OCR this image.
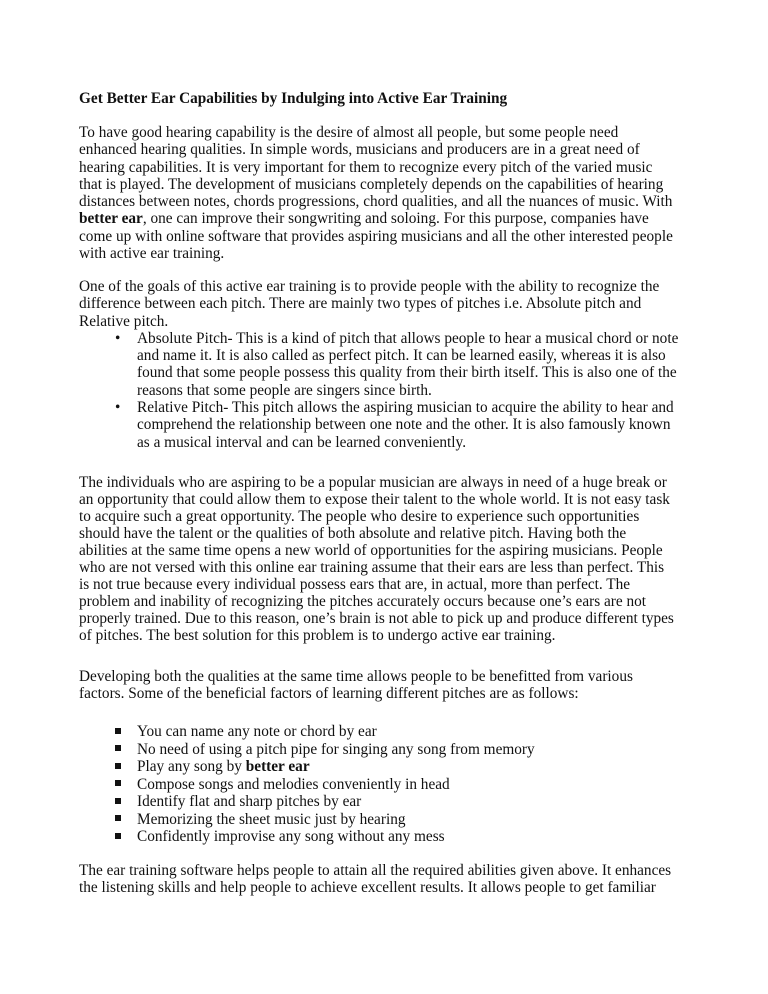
Get Better Ear Capabilities by Indulging into Active Ear Training
To have good hearing capability is the desire of almost all people, but some people need
enhanced hearing qualities. In simple words, musicians and producers are in a great need of
hearing capabilities. It is very important for them to recognize every pitch of the varied music
that is played. The development of musicians completely depends on the capabilities of hearing
distances between notes, chords progressions, chord qualities, and all the nuances of music. With
better ear, one can improve their songwriting and soloing. For this purpose, companies have
come up with online software that provides aspiring musicians and all the other interested people
with active ear training.
One of the goals of this active ear training is to provide people with the ability to recognize the
difference between each pitch. There are mainly two types of pitches i.e. Absolute pitch and
Relative pitch.
• Absolute Pitch- This is a kind of pitch that allows people to hear a musical chord or note
and name it. It is also called as perfect pitch. It can be learned easily, whereas it is also
found that some people possess this quality from their birth itself. This is also one of the
reasons that some people are singers since birth.
• Relative Pitch- This pitch allows the aspiring musician to acquire the ability to hear and
comprehend the relationship between one note and the other. It is also famously known
as a musical interval and can be learned conveniently.
The individuals who are aspiring to be a popular musician are always in need of a huge break or
an opportunity that could allow them to expose their talent to the whole world. It is not easy task
to acquire such a great opportunity. The people who desire to experience such opportunities
should have the talent or the qualities of both absolute and relative pitch. Having both the
abilities at the same time opens a new world of opportunities for the aspiring musicians. People
who are not versed with this online ear training assume that their ears are less than perfect. This
is not true because every individual possess ears that are, in actual, more than perfect. The
problem and inability of recognizing the pitches accurately occurs because one’s ears are not
properly trained. Due to this reason, one’s brain is not able to pick up and produce different types
of pitches. The best solution for this problem is to undergo active ear training.
Developing both the qualities at the same time allows people to be benefitted from various
factors. Some of the beneficial factors of learning different pitches are as follows:
You can name any note or chord by ear
No need of using a pitch pipe for singing any song from memory
Play any song by better ear
Compose songs and melodies conveniently in head
Identify flat and sharp pitches by ear
Memorizing the sheet music just by hearing
Confidently improvise any song without any mess
The ear training software helps people to attain all the required abilities given above. It enhances
the listening skills and help people to achieve excellent results. It allows people to get familiar
